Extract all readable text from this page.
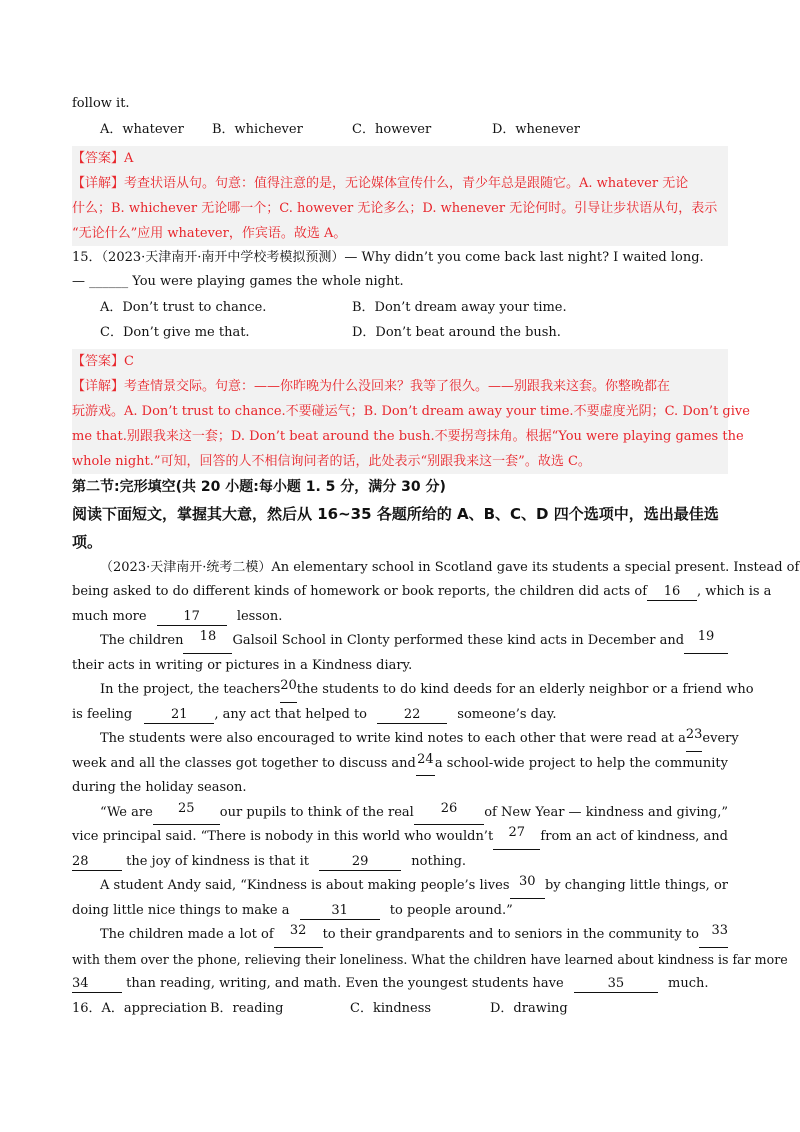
follow it.
A．whatever	B．whichever	C．however	D．whenever
【答案】A
【详解】考查状语从句。句意：值得注意的是，无论媒体宣传什么，青少年总是跟随它。A. whatever 无论
什么；B. whichever 无论哪一个；C. however 无论多么；D. whenever 无论何时。引导让步状语从句，表示
“无论什么”应用 whatever，作宾语。故选 A。
15．（2023·天津南开·南开中学校考模拟预测）— Why didn’t you come back last night? I waited long.
— ______ You were playing games the whole night.
A．Don’t trust to chance.	B．Don’t dream away your time.
C．Don’t give me that.	D．Don’t beat around the bush.
【答案】C
【详解】考查情景交际。句意：——你昨晚为什么没回来？我等了很久。——别跟我来这套。你整晚都在
玩游戏。A. Don’t trust to chance.不要碰运气；B. Don’t dream away your time.不要虚度光阴；C. Don’t give
me that.别跟我来这一套；D. Don’t beat around the bush.不要拐弯抹角。根据“You were playing games the
whole night.”可知，回答的人不相信询问者的话，此处表示“别跟我来这一套”。故选 C。
第二节:完形填空(共 20 小题:每小题 1. 5 分，满分 30 分)
阅读下面短文，掌握其大意，然后从 16~35 各题所给的 A、B、C、D 四个选项中，选出最佳选
项。
（2023·天津南开·统考二模）An elementary school in Scotland gave its students a special present. Instead of
being asked to do different kinds of homework or book reports, the children did acts of	16 , which is a
much more	17	lesson.
The children	18	Galsoil School in Clonty performed these kind acts in December and	19
their acts in writing or pictures in a Kindness diary.
In the project, the teachers 20 the students to do kind deeds for an elderly neighbor or a friend who
is feeling	21 , any act that helped to	22	someone’s day.
The students were also encouraged to write kind notes to each other that were read at a 23 every
week and all the classes got together to discuss and 24 a school-wide project to help the community
during the holiday season.
“We are	25	our pupils to think of the real	26	of New Year — kindness and giving,”
vice principal said. “There is nobody in this world who wouldn’t	27	from an act of kindness, and
28	the joy of kindness is that it	29	nothing.
A student Andy said, “Kindness is about making people’s lives 30 by changing little things, or
doing little nice things to make a	31	to people around.”
The children made a lot of	32	to their grandparents and to seniors in the community to 33
with them over the phone, relieving their loneliness. What the children have learned about kindness is far more
34	than reading, writing, and math. Even the youngest students have	35	much.
16．A．appreciation B．reading	C．kindness	D．drawing
